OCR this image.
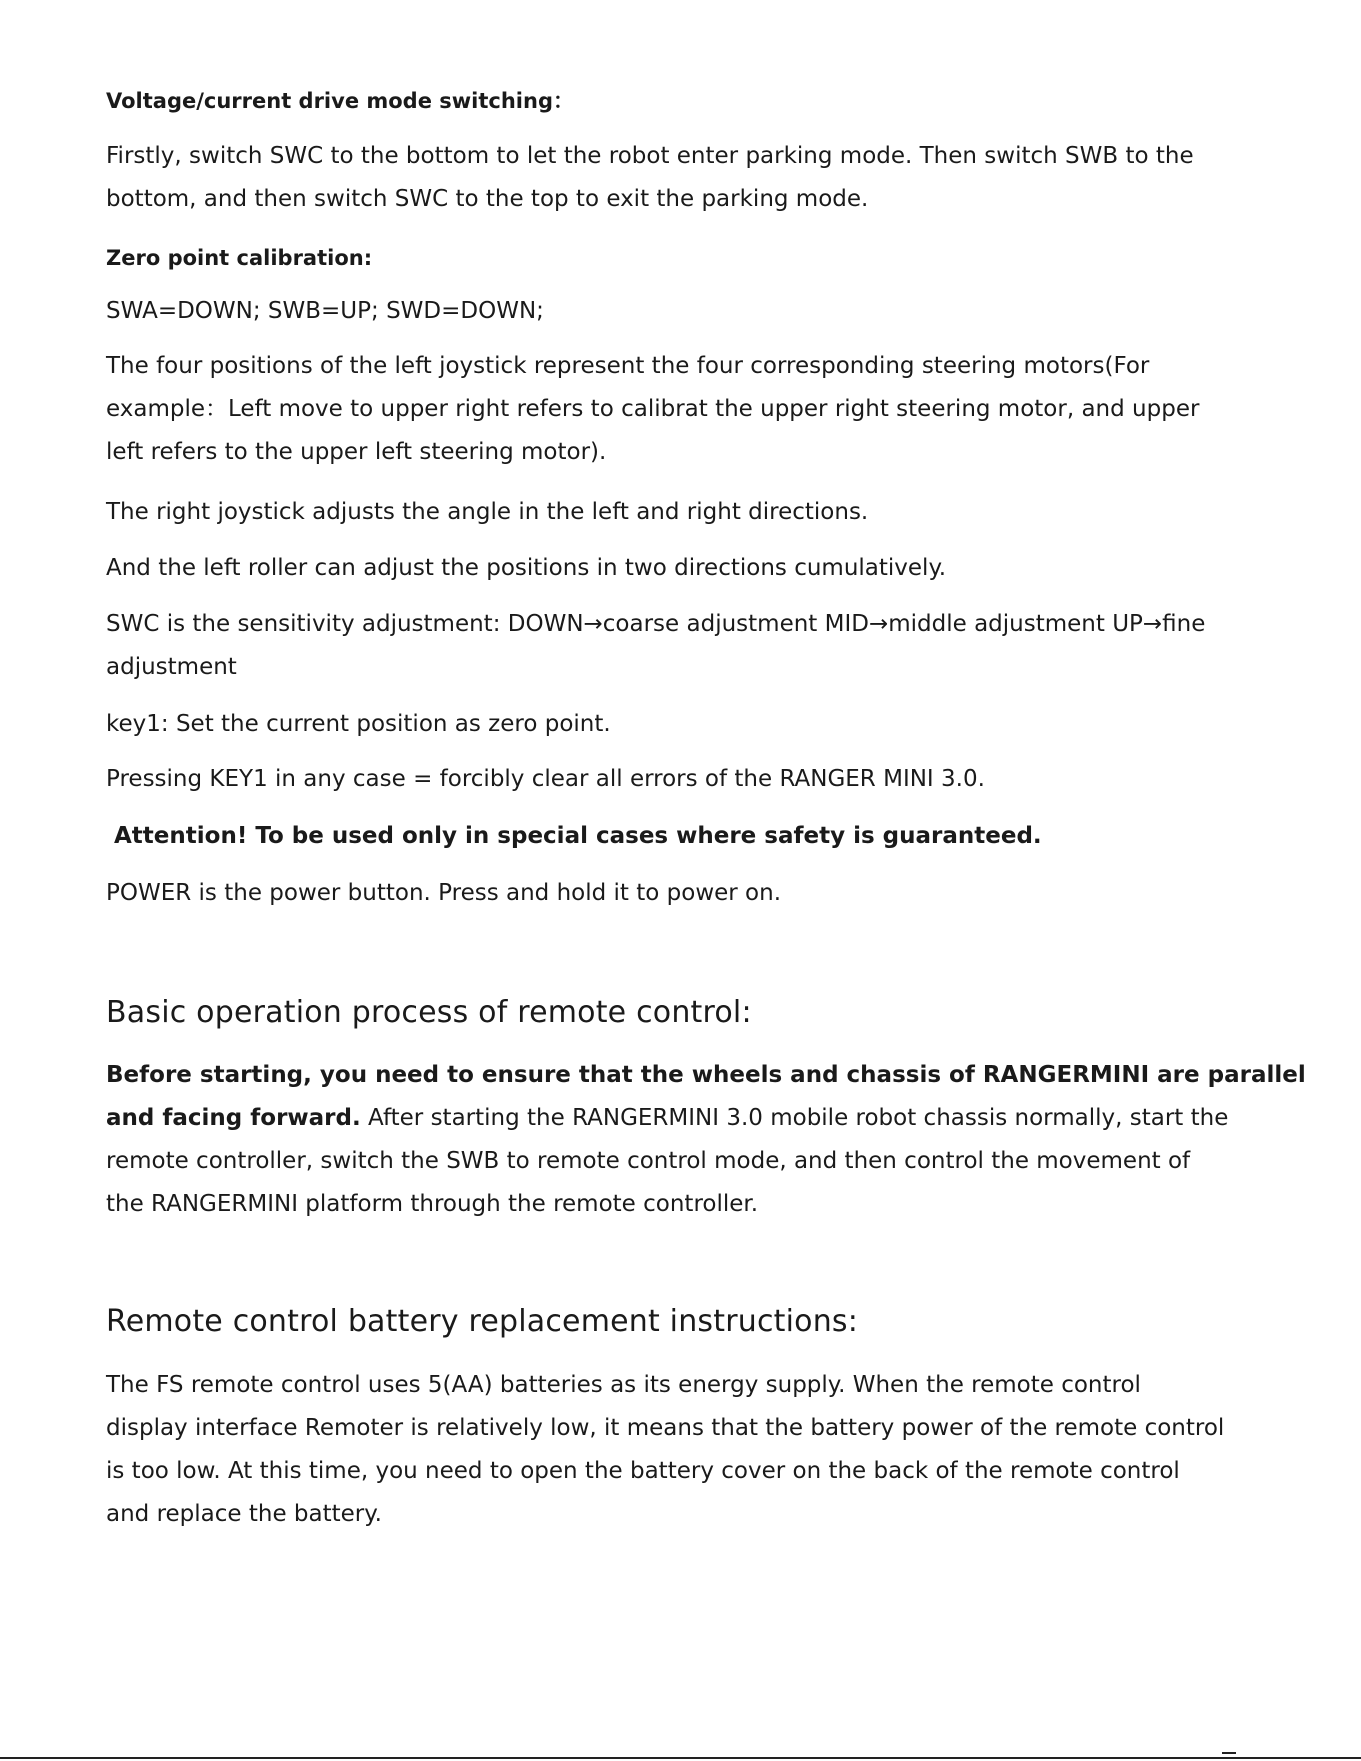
Voltage/current drive mode switching：
Firstly, switch SWC to the bottom to let the robot enter parking mode. Then switch SWB to the
bottom, and then switch SWC to the top to exit the parking mode.
Zero point calibration:
SWA=DOWN; SWB=UP; SWD=DOWN;
The four positions of the left joystick represent the four corresponding steering motors(For
example：Left move to upper right refers to calibrat the upper right steering motor, and upper
left refers to the upper left steering motor).
The right joystick adjusts the angle in the left and right directions.
And the left roller can adjust the positions in two directions cumulatively.
SWC is the sensitivity adjustment: DOWN→coarse adjustment MID→middle adjustment UP→fine
adjustment
key1: Set the current position as zero point.
Pressing KEY1 in any case = forcibly clear all errors of the RANGER MINI 3.0.
Attention! To be used only in special cases where safety is guaranteed.
POWER is the power button. Press and hold it to power on.
Basic operation process of remote control:
Before starting, you need to ensure that the wheels and chassis of RANGERMINI are parallel
and facing forward. After starting the RANGERMINI 3.0 mobile robot chassis normally, start the
remote controller, switch the SWB to remote control mode, and then control the movement of
the RANGERMINI platform through the remote controller.
Remote control battery replacement instructions:
The FS remote control uses 5(AA) batteries as its energy supply. When the remote control
display interface Remoter is relatively low, it means that the battery power of the remote control
is too low. At this time, you need to open the battery cover on the back of the remote control
and replace the battery.
